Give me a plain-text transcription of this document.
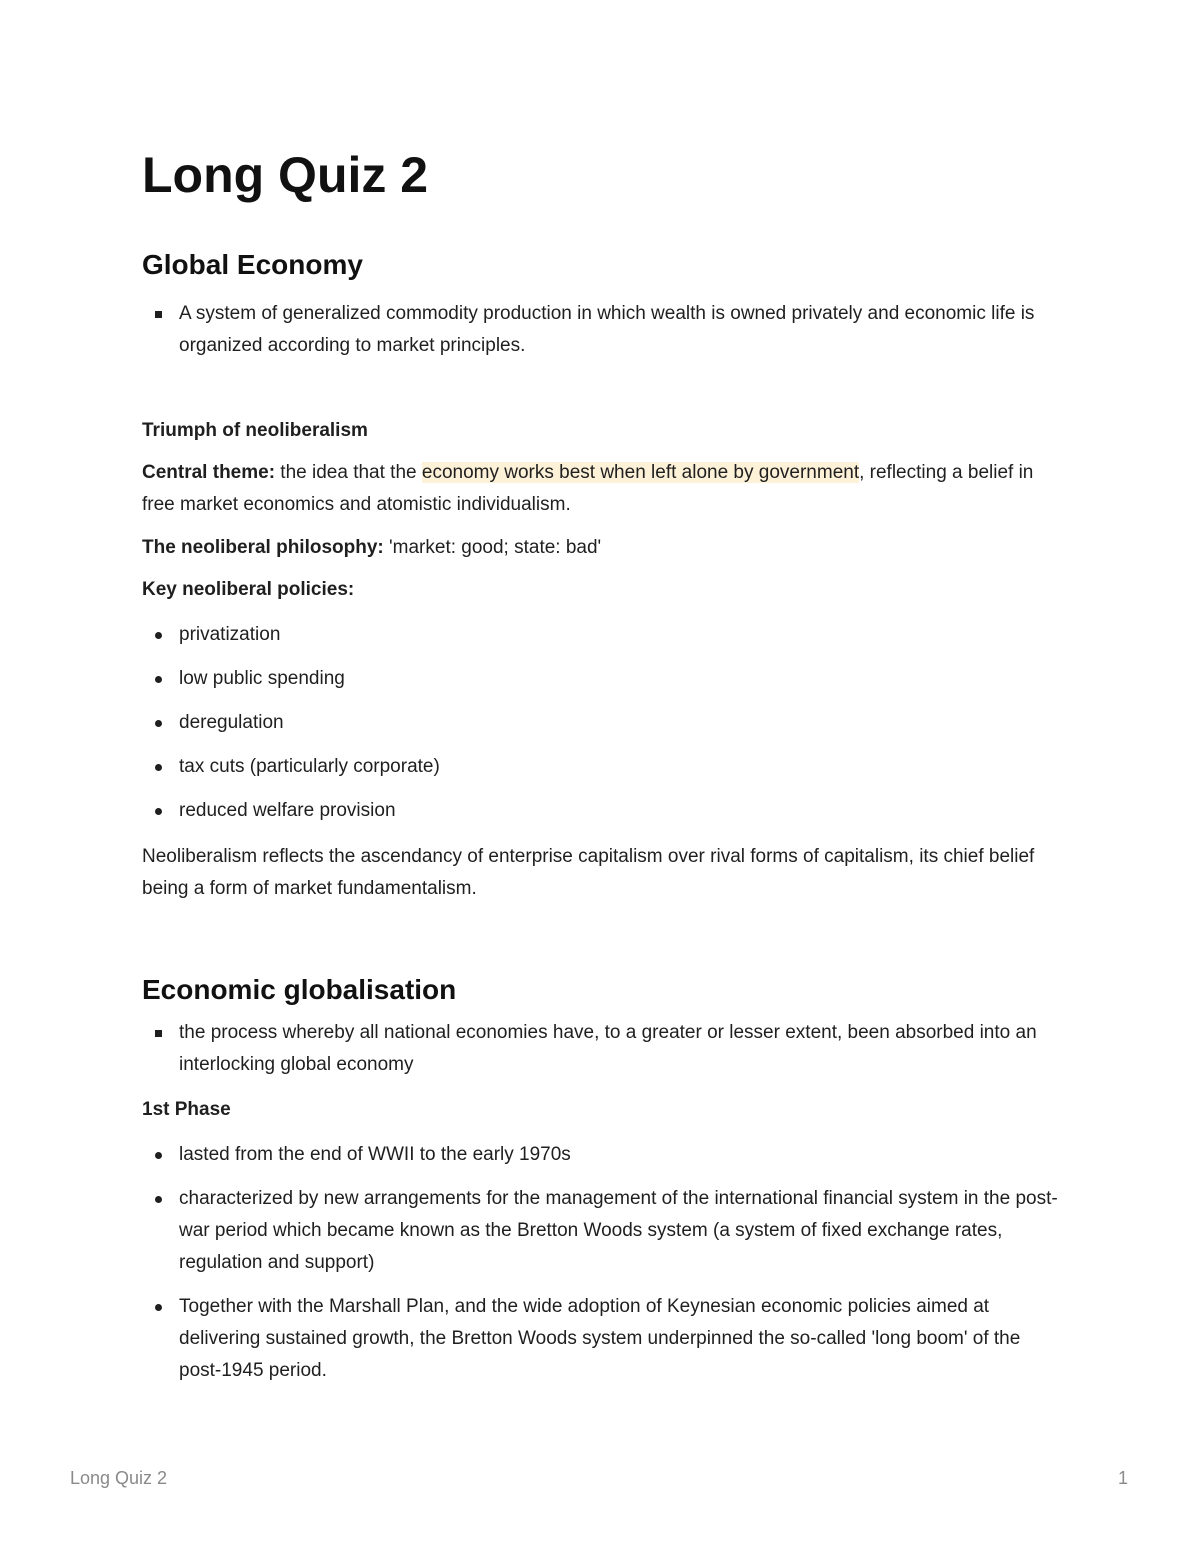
Long Quiz 2
Global Economy
A system of generalized commodity production in which wealth is owned privately and economic life is organized according to market principles.
Triumph of neoliberalism

Central theme: the idea that the economy works best when left alone by government, reflecting a belief in free market economics and atomistic individualism.

The neoliberal philosophy: 'market: good; state: bad'

Key neoliberal policies:
privatization
low public spending
deregulation
tax cuts (particularly corporate)
reduced welfare provision

Neoliberalism reflects the ascendancy of enterprise capitalism over rival forms of capitalism, its chief belief being a form of market fundamentalism.

Economic globalisation
the process whereby all national economies have, to a greater or lesser extent, been absorbed into an interlocking global economy
1st Phase
lasted from the end of WWII to the early 1970s
characterized by new arrangements for the management of the international financial system in the post-war period which became known as the Bretton Woods system (a system of fixed exchange rates, regulation and support)
Together with the Marshall Plan, and the wide adoption of Keynesian economic policies aimed at delivering sustained growth, the Bretton Woods system underpinned the so-called 'long boom' of the post-1945 period.
Long Quiz 2	1
